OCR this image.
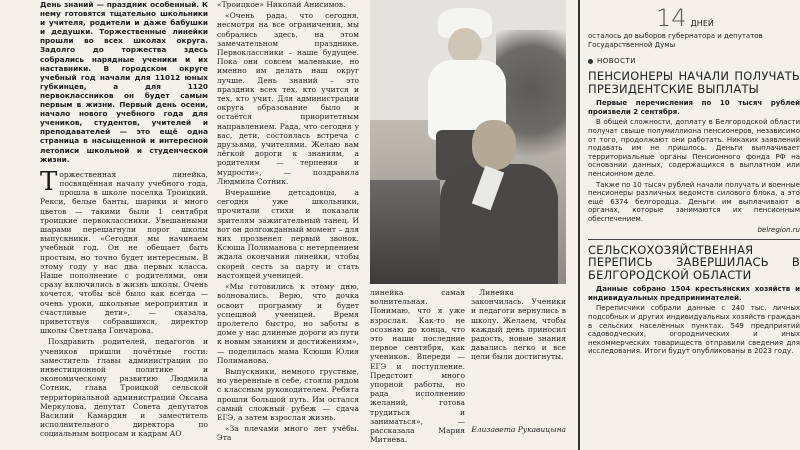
День знаний — праздник особенный. К нему готовятся тщательно школьники и учителя, родители и даже бабушки и дедушки. Торжественные линейки прошли во всех школах округа. Задолго до торжества здесь собрались нарядные ученики и их наставники. В городском округе учебный год начали для 11012 юных губкинцев, а для 1120 первоклассников он будет самым первым в жизни. Первый день осени, начало нового учебного года для учеников, студентов, учителей и преподавателей — это ещё одна страница в насыщенной и интересной летописи школьной и студенческой жизни.

Торжественная линейка, посвящённая началу учебного года, прошла в школе поселка Троицкий. Рекси, белые банты, шарики и много цветов — такими были 1 сентября троицкие первоклассники. Увешанными шарами перешагнули порог школы выпускники. «Сегодня мы начинаем учебный год. Он не обещает быть простым, но точно будет интересным. В этому году у нас два первых класса. Наше пополнение с родителями, они сразу включились в жизнь школы. Очень хочется, чтобы всё было как всегда — очень уроки, школьные мероприятия и счастливые дети», — сказала, приветствуя собравшихся, директор школы Светлана Гончарова.

Поздравить родителей, педагогов и учеников пришли почётные гости: заместитель главы администрации по инвестиционной политике и экономическому развитию Людмила Сотник, глава Троицкой сельской территориальной администрации Оксана Меркулова, депутат Совета депутатов Василий Камардин и заместитель исполнительного директора по социальным вопросам и кадрам АО

«Троицкое» Николай Анисимов.

«Очень рада, что сегодня, несмотря на все ограничения, мы собрались здесь, на этом замечательном празднике. Первоклассники – наше будущее. Пока они совсем маленькие, но именно им делать наш округ лучше. День знаний – это праздник всех тех, кто учится и тех, кто учит. Для администрации округа образование было и остаётся приоритетным направлением. Рада, что сегодня у вас, дети, состоялась встреча с друзьями, учителями. Желаю вам лёгкой дороги к знаниям, а родителям — терпения и мудрости», — поздравила Людмила Сотник.

Вчерашние детсадовцы, а сегодня уже школьники, прочитали стихи и показали зрителям зажигательный танец. И вот он долгожданный момент – для них прозвенел первый звонок. Ксюша Полиманова с нетерпением ждала окончания линейки, чтобы скорей сесть за парту и стать настоящей ученицей.

«Мы готовились к этому дню, волновались. Верю, что дочка освоит программу и будет успешной ученицей. Время пролетело быстро, но заботы в доме у нас длинные дороги из пути к новым знаниям и достижениям», — поделилась мама Ксюши Юлия Полиманова.

Выпускники, немного грустные, но уверенные в себе, стояли рядом с классным руководителем. Ребята прошли большой путь. Им остался самый сложный рубеж — сдача ЕГЭ, а затем взрослая жизнь.

«За плечами много лет учёбы. Эта

линейка самая волнительная. Понимаю, что я уже взрослая. Как-то не осознаю до конца, что это наши последние первое сентября, как учеников. Впереди — ЕГЭ и поступление. Предстоит много упорной работы, но рада исполнению желаний, готова трудиться и заниматься», — рассказала Мария Митяева.

Линейка закончилась. Ученики и педагоги вернулись в школу. Желаем, чтобы каждый день приносил радость, новые знания давались легко и все цели были достигнуты.

Елизавета Рукавицына
14 ДНЕЙ
осталось до выборов губернатора и депутатов Государственной Думы
НОВОСТИ
ПЕНСИОНЕРЫ НАЧАЛИ ПОЛУЧАТЬ ПРЕЗИДЕНТСКИЕ ВЫПЛАТЫ

Первые перечисления по 10 тысяч рублей произвели 2 сентября.

В общей сложности, доплату в Белгородской области получат свыше полумиллиона пенсионеров, независимо от того, продолжают они работать. Никаких заявлений подавать им не пришлось. Деньги выплачивает территориальные органы Пенсионного фонда РФ на основании данных, содержащихся в выплатном или пенсионном деле.

Также по 10 тысяч рублей начали получать и военные пенсионеры различных ведомств силового блока, а это ещё 6374 белгородца. Деньги им выплачивают в органах, которые занимаются их пенсионным обеспечением.

belregion.ru
СЕЛЬСКОХОЗЯЙСТВЕННАЯ ПЕРЕПИСЬ ЗАВЕРШИЛАСЬ В БЕЛГОРОДСКОЙ ОБЛАСТИ

Данные собрано 1504 крестьянских хозяйств и индивидуальных предпринимателей.

Переписчики собрали данные с 240 тыс. личных подсобных и других индивидуальных хозяйств граждан в сельских населённых пунктах. 549 предприятий садоводческих, огороднических и иных некоммерческих товариществ отправили сведения для исследования. Итоги будут опубликованы в 2023 году.
